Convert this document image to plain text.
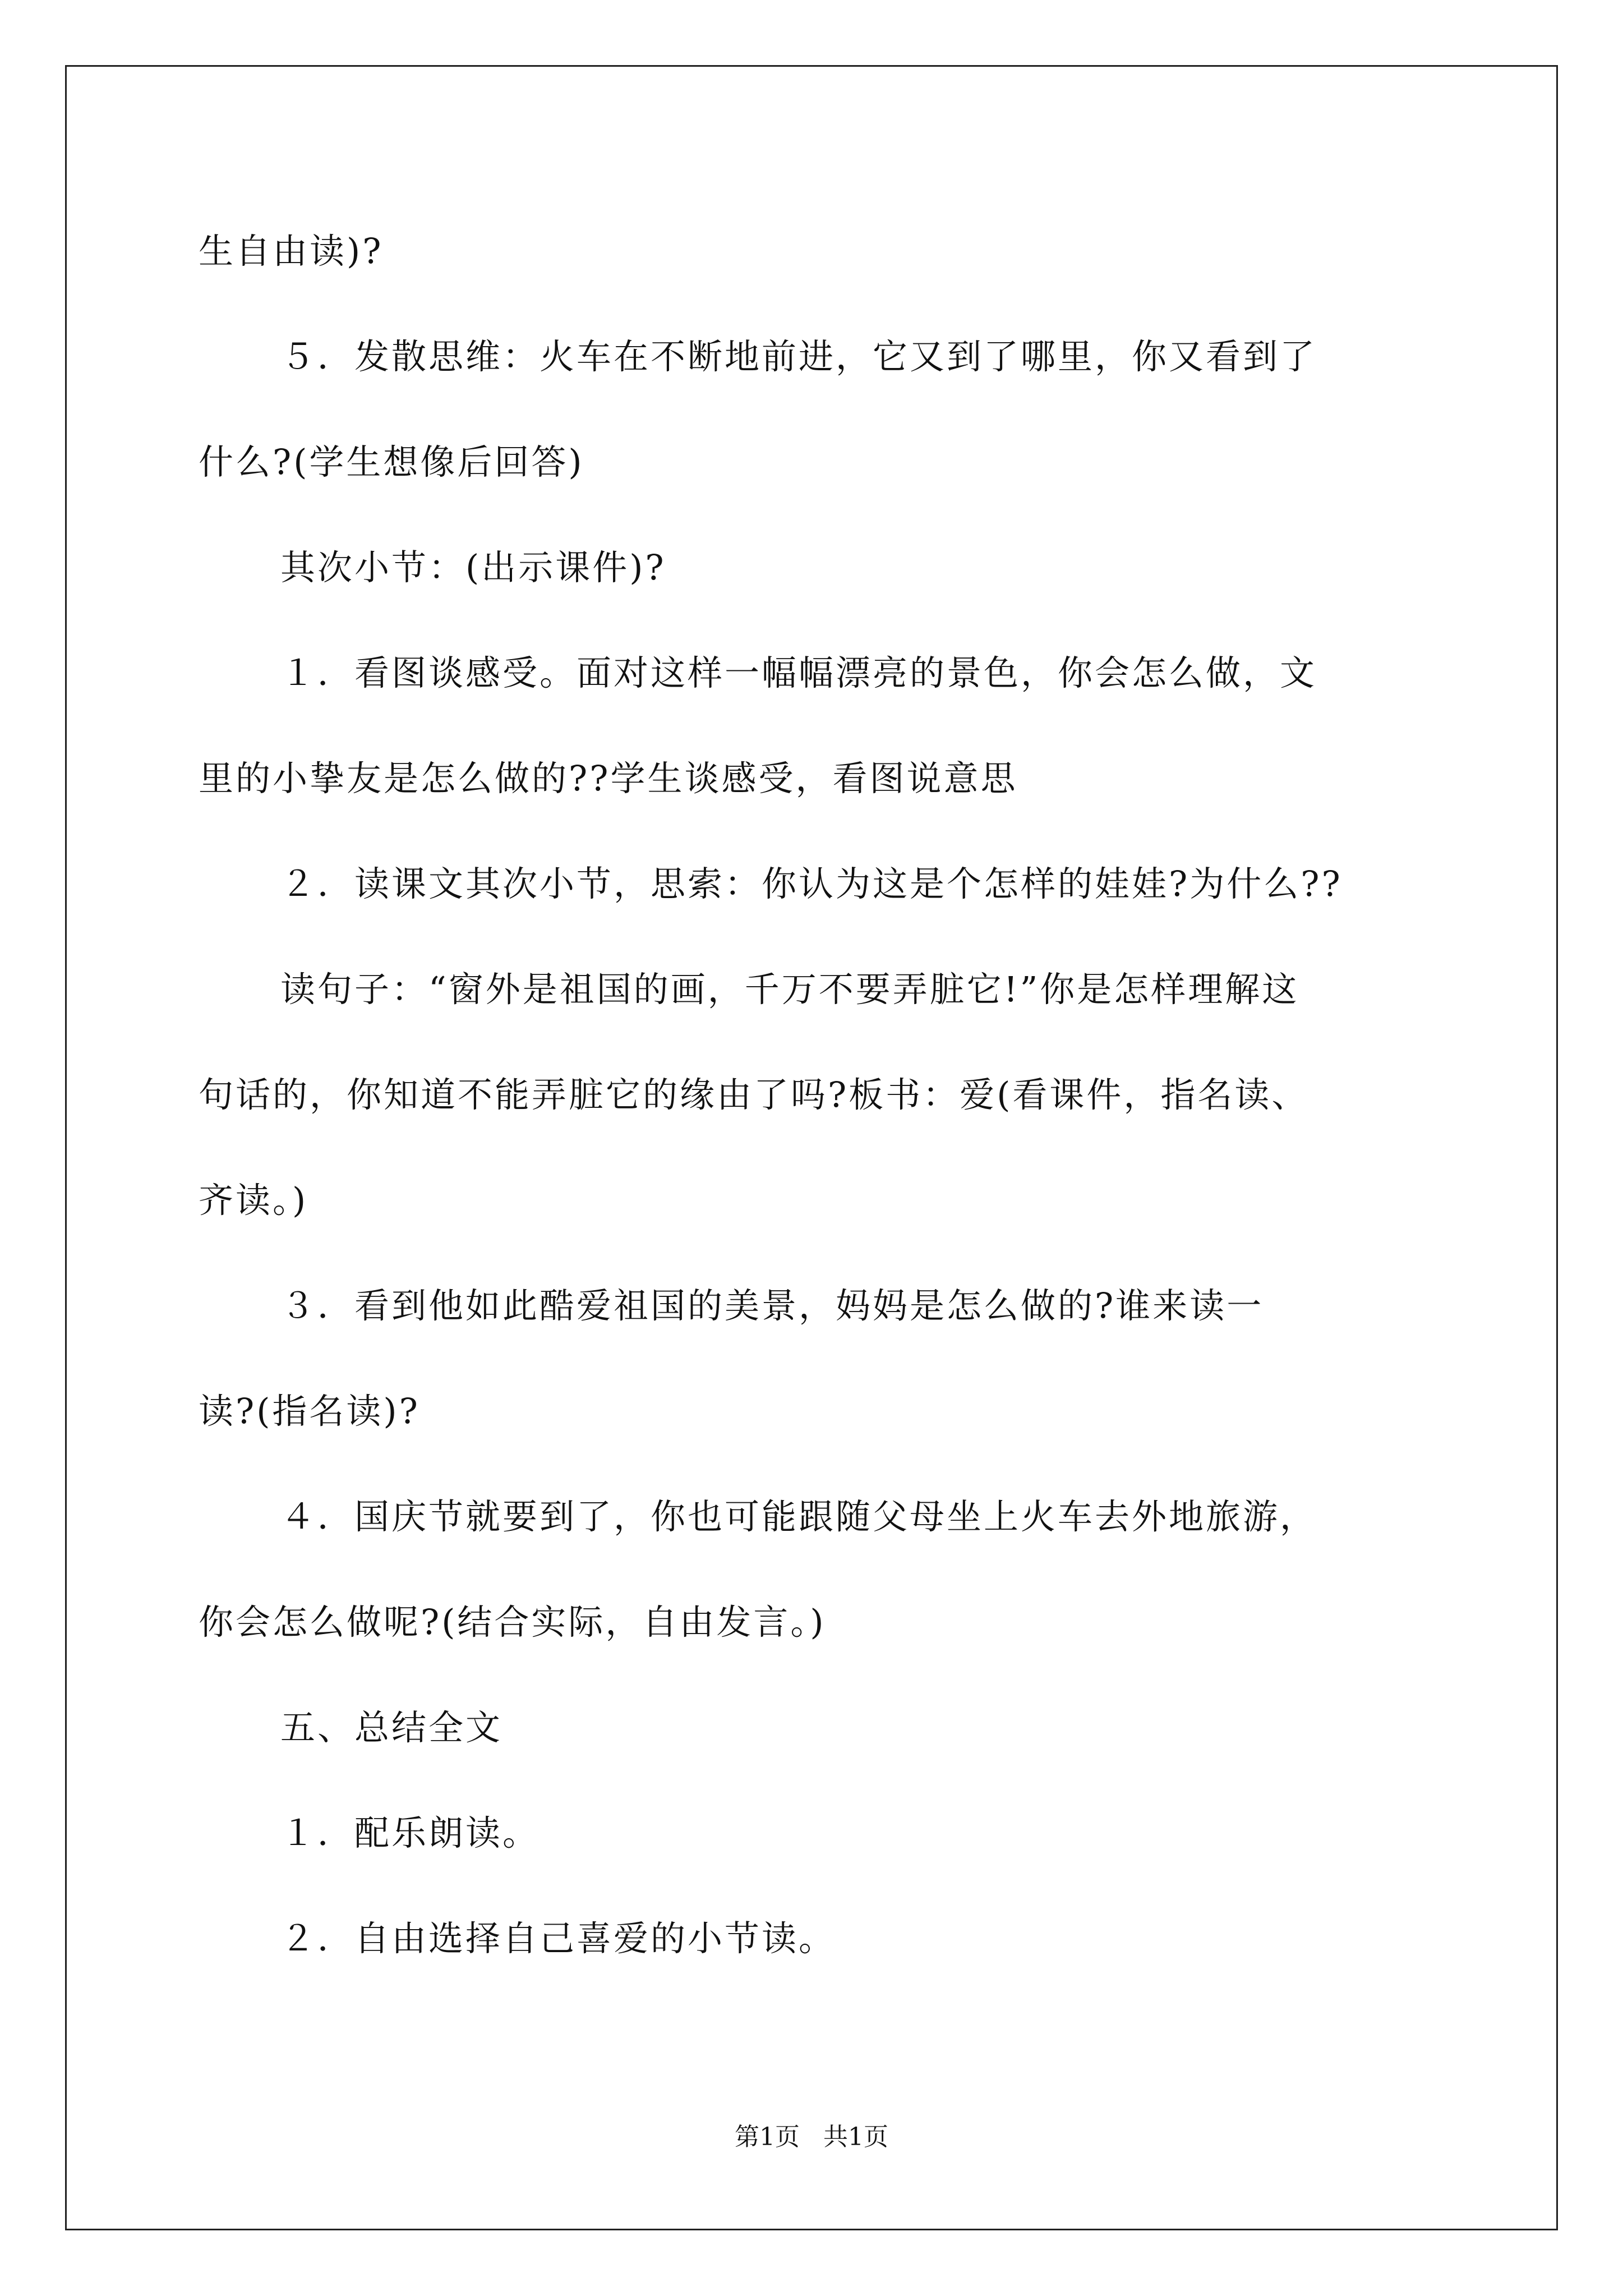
生自由读)?
５．发散思维：火车在不断地前进，它又到了哪里，你又看到了
什么?(学生想像后回答)
其次小节：(出示课件)?
１．看图谈感受。面对这样一幅幅漂亮的景色，你会怎么做，文
里的小挚友是怎么做的??学生谈感受，看图说意思
２．读课文其次小节，思索：你认为这是个怎样的娃娃?为什么??
读句子：“窗外是祖国的画，千万不要弄脏它!”你是怎样理解这
句话的，你知道不能弄脏它的缘由了吗?板书：爱(看课件，指名读、
齐读。)
３．看到他如此酷爱祖国的美景，妈妈是怎么做的?谁来读一
读?(指名读)?
４．国庆节就要到了，你也可能跟随父母坐上火车去外地旅游，
你会怎么做呢?(结合实际，自由发言。)
五、总结全文
１．配乐朗读。
２．自由选择自己喜爱的小节读。
第1页   共1页
